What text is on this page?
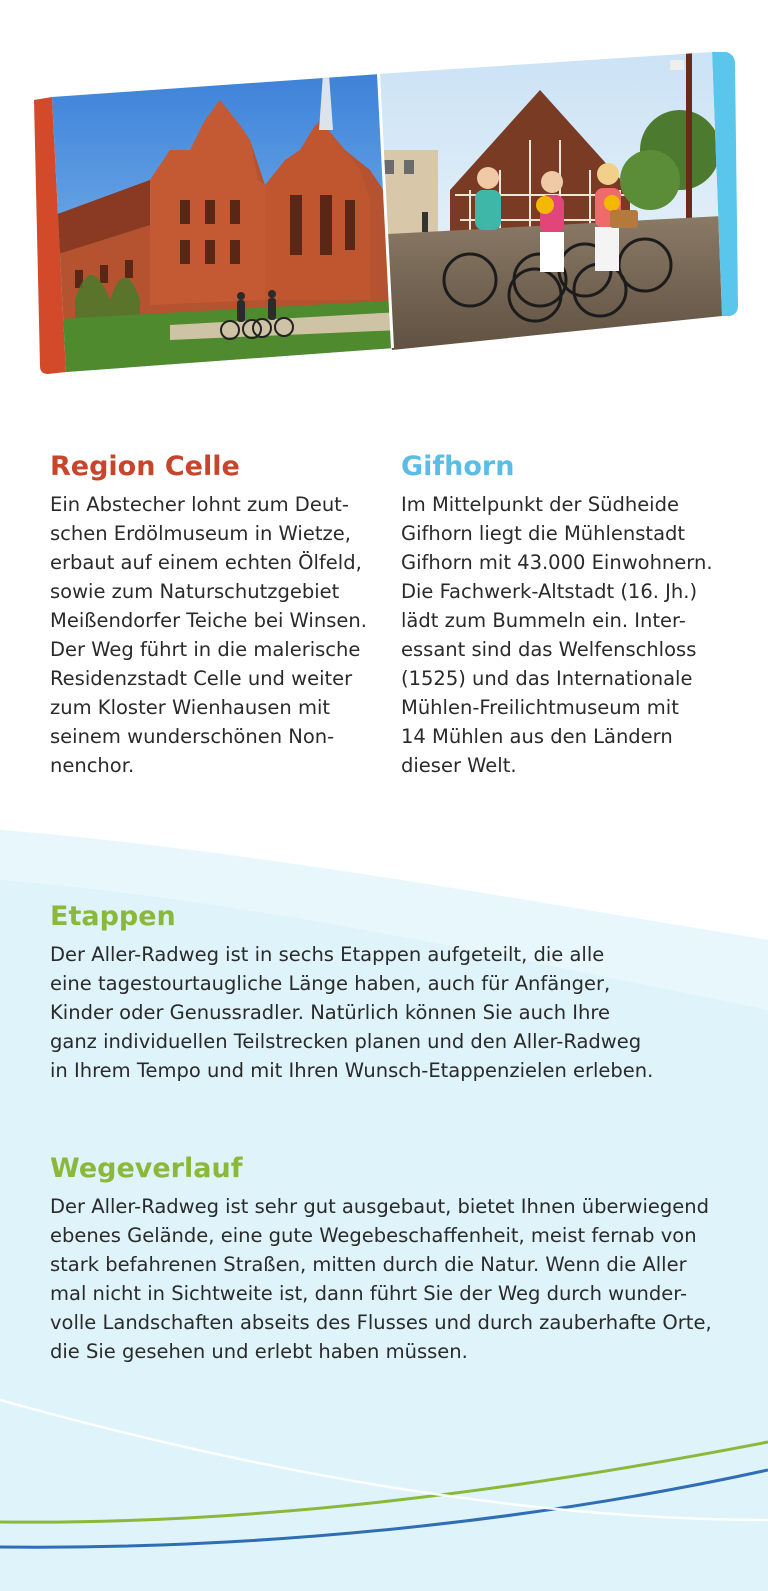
Region Celle

Ein Abstecher lohnt zum Deut-
schen Erdölmuseum in Wietze,
erbaut auf einem echten Ölfeld,
sowie zum Naturschutzgebiet
Meißendorfer Teiche bei Winsen.
Der Weg führt in die malerische
Residenzstadt Celle und weiter
zum Kloster Wienhausen mit
seinem wunderschönen Non-
nenchor.

Gifhorn

Im Mittelpunkt der Südheide
Gifhorn liegt die Mühlenstadt
Gifhorn mit 43.000 Einwohnern.
Die Fachwerk-Altstadt (16. Jh.)
lädt zum Bummeln ein. Inter-
essant sind das Welfenschloss
(1525) und das Internationale
Mühlen-Freilichtmuseum mit
14 Mühlen aus den Ländern
dieser Welt.

Etappen

Der Aller-Radweg ist in sechs Etappen aufgeteilt, die alle
eine tagestourtaugliche Länge haben, auch für Anfänger,
Kinder oder Genussradler. Natürlich können Sie auch Ihre
ganz individuellen Teilstrecken planen und den Aller-Radweg
in Ihrem Tempo und mit Ihren Wunsch-Etappenzielen erleben.

Wegeverlauf

Der Aller-Radweg ist sehr gut ausgebaut, bietet Ihnen überwiegend
ebenes Gelände, eine gute Wegebeschaffenheit, meist fernab von
stark befahrenen Straßen, mitten durch die Natur. Wenn die Aller
mal nicht in Sichtweite ist, dann führt Sie der Weg durch wunder-
volle Landschaften abseits des Flusses und durch zauberhafte Orte,
die Sie gesehen und erlebt haben müssen.
